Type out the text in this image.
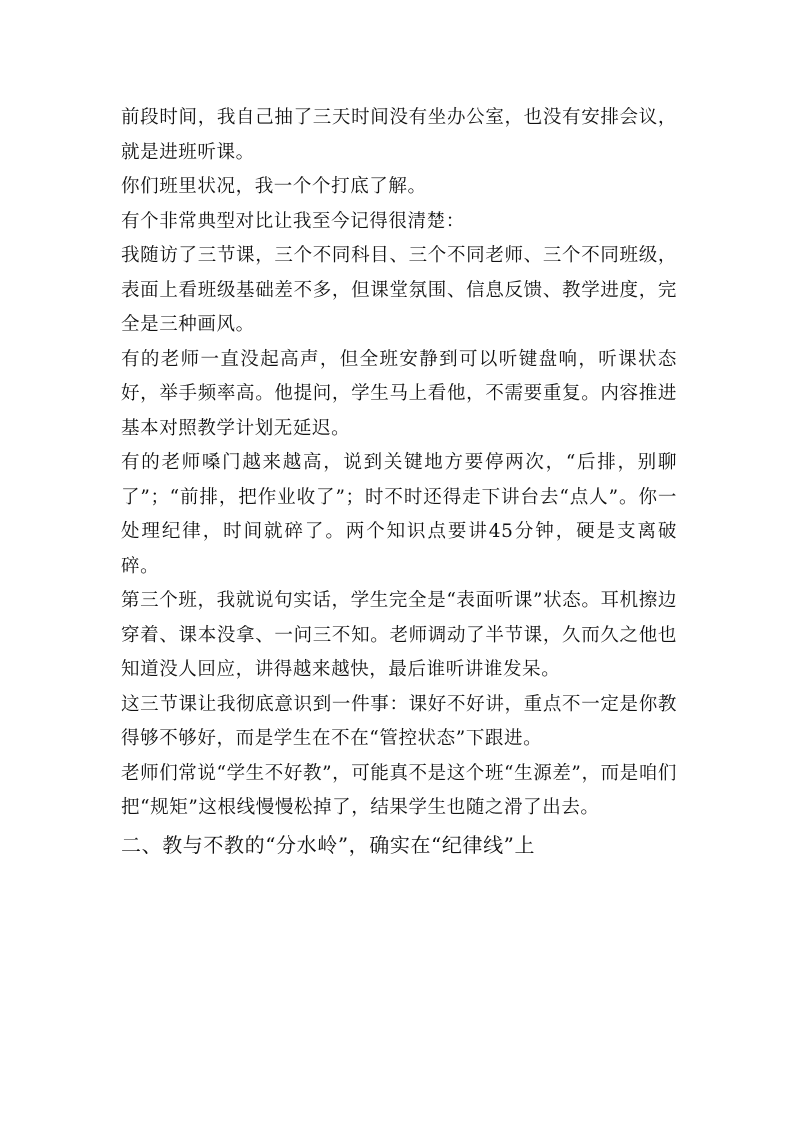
前段时间，我自己抽了三天时间没有坐办公室，也没有安排会议，就是进班听课。

你们班里状况，我一个个打底了解。

有个非常典型对比让我至今记得很清楚：

我随访了三节课，三个不同科目、三个不同老师、三个不同班级，表面上看班级基础差不多，但课堂氛围、信息反馈、教学进度，完全是三种画风。

有的老师一直没起高声，但全班安静到可以听键盘响，听课状态好，举手频率高。他提问，学生马上看他，不需要重复。内容推进基本对照教学计划无延迟。

有的老师嗓门越来越高，说到关键地方要停两次，“后排，别聊了”；“前排，把作业收了”；时不时还得走下讲台去“点人”。你一处理纪律，时间就碎了。两个知识点要讲45分钟，硬是支离破碎。

第三个班，我就说句实话，学生完全是“表面听课”状态。耳机擦边穿着、课本没拿、一问三不知。老师调动了半节课，久而久之他也知道没人回应，讲得越来越快，最后谁听讲谁发呆。

这三节课让我彻底意识到一件事：课好不好讲，重点不一定是你教得够不够好，而是学生在不在“管控状态”下跟进。

老师们常说“学生不好教”，可能真不是这个班“生源差”，而是咱们把“规矩”这根线慢慢松掉了，结果学生也随之滑了出去。

二、教与不教的“分水岭”，确实在“纪律线”上
